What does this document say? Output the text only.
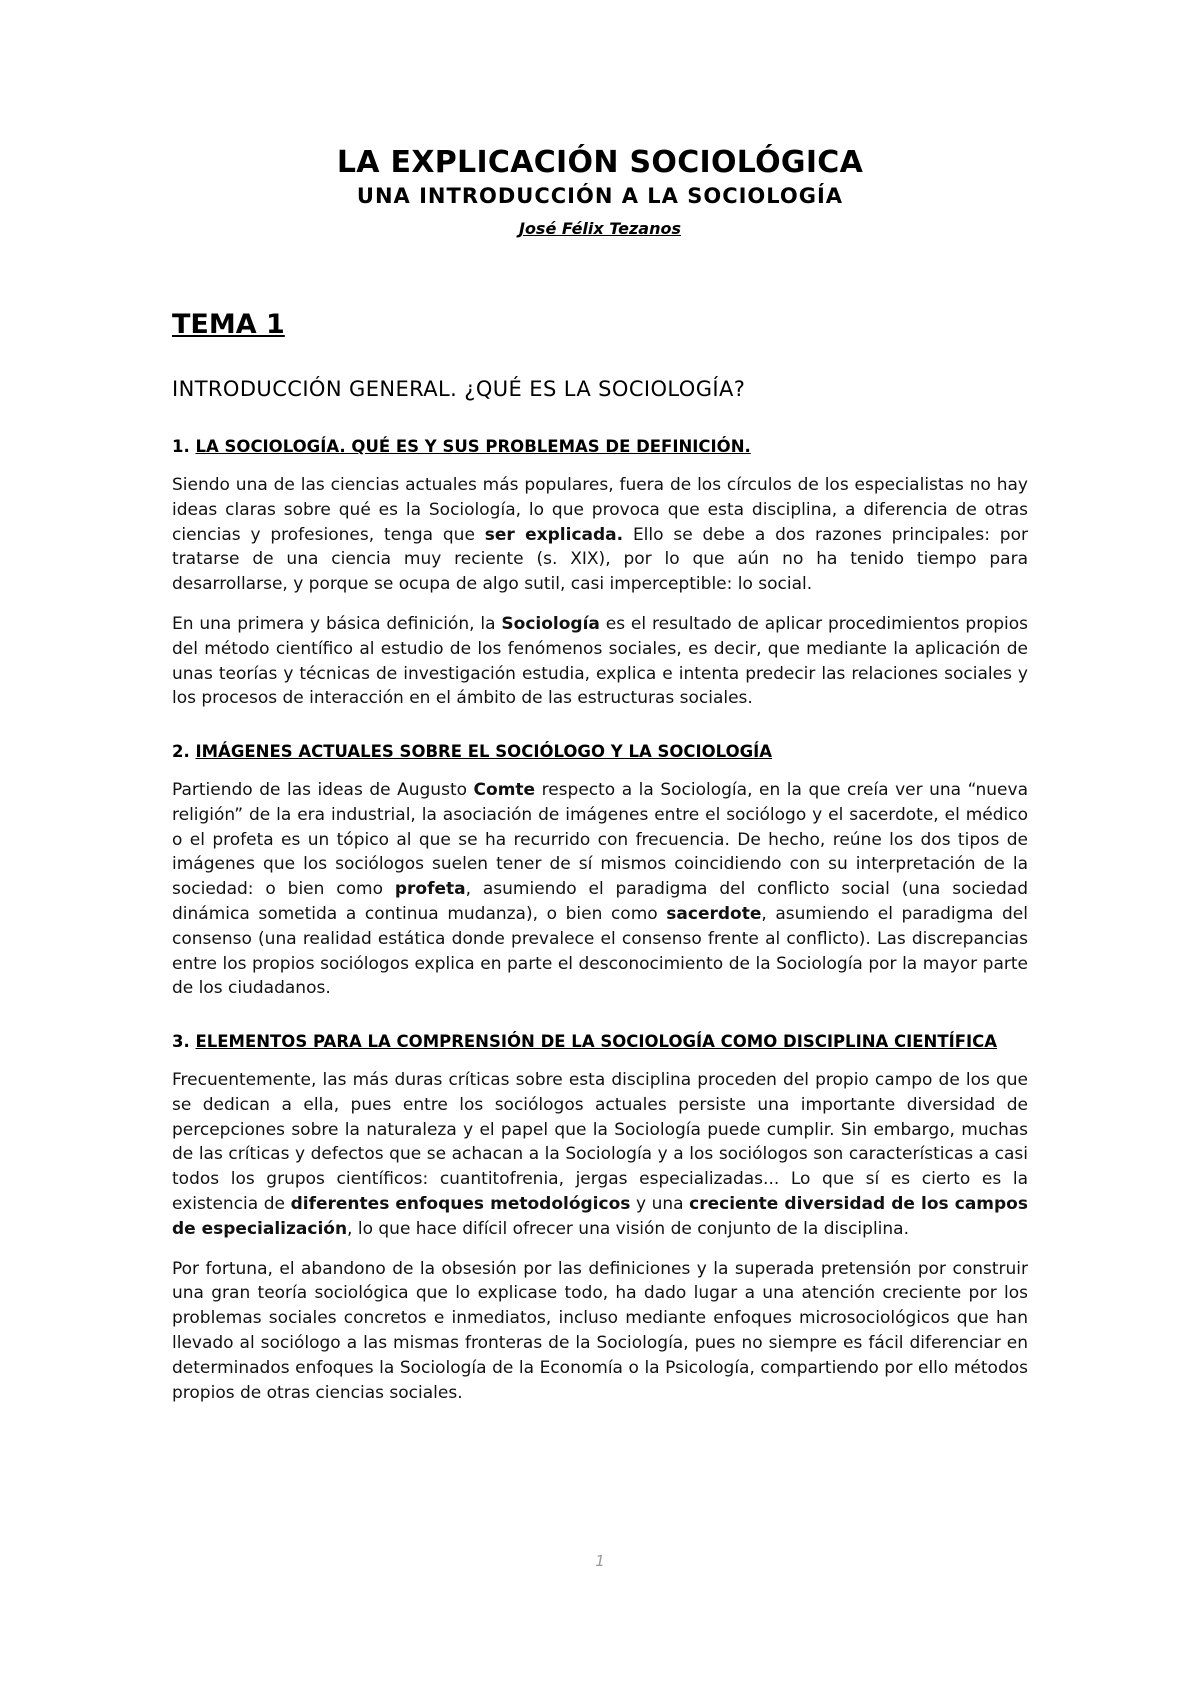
LA EXPLICACIÓN SOCIOLÓGICA
UNA INTRODUCCIÓN A LA SOCIOLOGÍA
José Félix Tezanos
TEMA 1
INTRODUCCIÓN GENERAL. ¿QUÉ ES LA SOCIOLOGÍA?
1. LA SOCIOLOGÍA. QUÉ ES Y SUS PROBLEMAS DE DEFINICIÓN.

Siendo una de las ciencias actuales más populares, fuera de los círculos de los especialistas no hay ideas claras sobre qué es la Sociología, lo que provoca que esta disciplina, a diferencia de otras ciencias y profesiones, tenga que ser explicada. Ello se debe a dos razones principales: por tratarse de una ciencia muy reciente (s. XIX), por lo que aún no ha tenido tiempo para desarrollarse, y porque se ocupa de algo sutil, casi imperceptible: lo social.

En una primera y básica definición, la Sociología es el resultado de aplicar procedimientos propios del método científico al estudio de los fenómenos sociales, es decir, que mediante la aplicación de unas teorías y técnicas de investigación estudia, explica e intenta predecir las relaciones sociales y los procesos de interacción en el ámbito de las estructuras sociales.

2. IMÁGENES ACTUALES SOBRE EL SOCIÓLOGO Y LA SOCIOLOGÍA

Partiendo de las ideas de Augusto Comte respecto a la Sociología, en la que creía ver una “nueva religión” de la era industrial, la asociación de imágenes entre el sociólogo y el sacerdote, el médico o el profeta es un tópico al que se ha recurrido con frecuencia. De hecho, reúne los dos tipos de imágenes que los sociólogos suelen tener de sí mismos coincidiendo con su interpretación de la sociedad: o bien como profeta, asumiendo el paradigma del conflicto social (una sociedad dinámica sometida a continua mudanza), o bien como sacerdote, asumiendo el paradigma del consenso (una realidad estática donde prevalece el consenso frente al conflicto). Las discrepancias entre los propios sociólogos explica en parte el desconocimiento de la Sociología por la mayor parte de los ciudadanos.

3. ELEMENTOS PARA LA COMPRENSIÓN DE LA SOCIOLOGÍA COMO DISCIPLINA CIENTÍFICA

Frecuentemente, las más duras críticas sobre esta disciplina proceden del propio campo de los que se dedican a ella, pues entre los sociólogos actuales persiste una importante diversidad de percepciones sobre la naturaleza y el papel que la Sociología puede cumplir. Sin embargo, muchas de las críticas y defectos que se achacan a la Sociología y a los sociólogos son características a casi todos los grupos científicos: cuantitofrenia, jergas especializadas... Lo que sí es cierto es la existencia de diferentes enfoques metodológicos y una creciente diversidad de los campos de especialización, lo que hace difícil ofrecer una visión de conjunto de la disciplina.

Por fortuna, el abandono de la obsesión por las definiciones y la superada pretensión por construir una gran teoría sociológica que lo explicase todo, ha dado lugar a una atención creciente por los problemas sociales concretos e inmediatos, incluso mediante enfoques microsociológicos que han llevado al sociólogo a las mismas fronteras de la Sociología, pues no siempre es fácil diferenciar en determinados enfoques la Sociología de la Economía o la Psicología, compartiendo por ello métodos propios de otras ciencias sociales.

1
